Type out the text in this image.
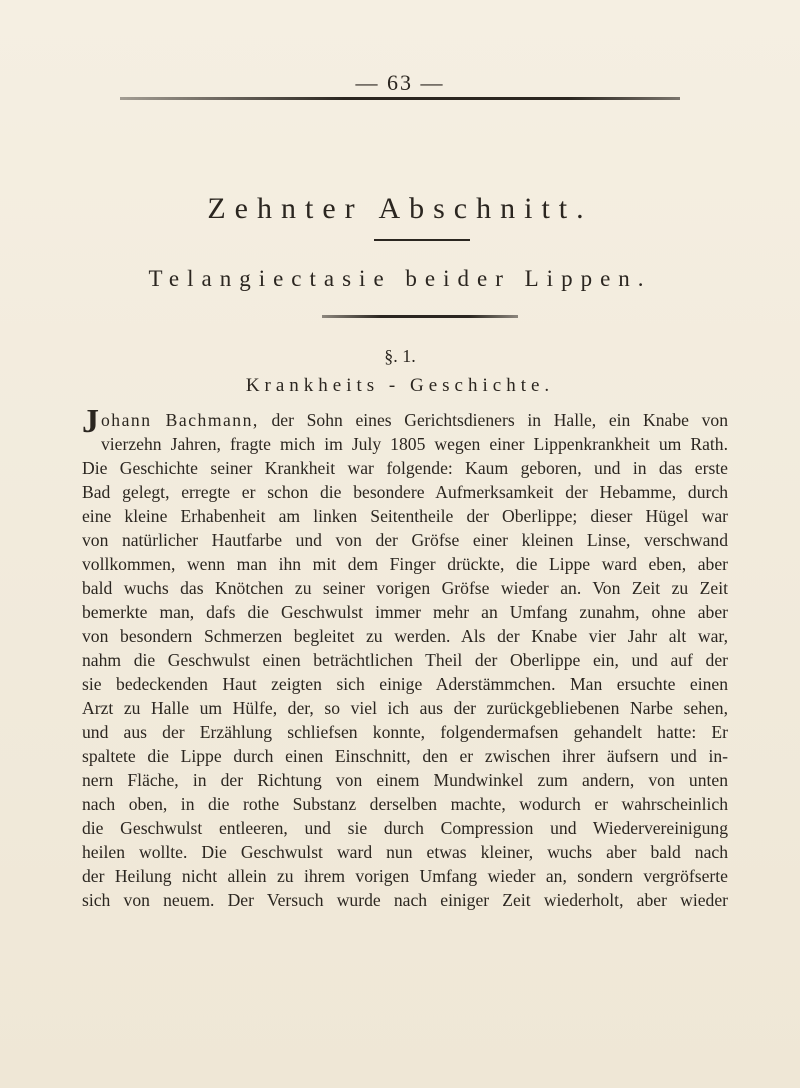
— 63 —
Zehnter Abschnitt.
Telangiectasie beider Lippen.
§. 1.
Krankheits - Geschichte.
Johann Bachmann, der Sohn eines Gerichtsdieners in Halle, ein Knabe von
vierzehn Jahren, fragte mich im July 1805 wegen einer Lippenkrankheit um Rath.
Die Geschichte seiner Krankheit war folgende: Kaum geboren, und in das erste
Bad gelegt, erregte er schon die besondere Aufmerksamkeit der Hebamme, durch
eine kleine Erhabenheit am linken Seitentheile der Oberlippe; dieser Hügel war
von natürlicher Hautfarbe und von der Gröfse einer kleinen Linse, verschwand
vollkommen, wenn man ihn mit dem Finger drückte, die Lippe ward eben, aber
bald wuchs das Knötchen zu seiner vorigen Gröfse wieder an. Von Zeit zu Zeit
bemerkte man, dafs die Geschwulst immer mehr an Umfang zunahm, ohne aber
von besondern Schmerzen begleitet zu werden. Als der Knabe vier Jahr alt war,
nahm die Geschwulst einen beträchtlichen Theil der Oberlippe ein, und auf der
sie bedeckenden Haut zeigten sich einige Aderstämmchen. Man ersuchte einen
Arzt zu Halle um Hülfe, der, so viel ich aus der zurückgebliebenen Narbe sehen,
und aus der Erzählung schliefsen konnte, folgendermafsen gehandelt hatte: Er
spaltete die Lippe durch einen Einschnitt, den er zwischen ihrer äufsern und in-
nern Fläche, in der Richtung von einem Mundwinkel zum andern, von unten
nach oben, in die rothe Substanz derselben machte, wodurch er wahrscheinlich
die Geschwulst entleeren, und sie durch Compression und Wiedervereinigung
heilen wollte. Die Geschwulst ward nun etwas kleiner, wuchs aber bald nach
der Heilung nicht allein zu ihrem vorigen Umfang wieder an, sondern vergröfserte
sich von neuem. Der Versuch wurde nach einiger Zeit wiederholt, aber wieder
